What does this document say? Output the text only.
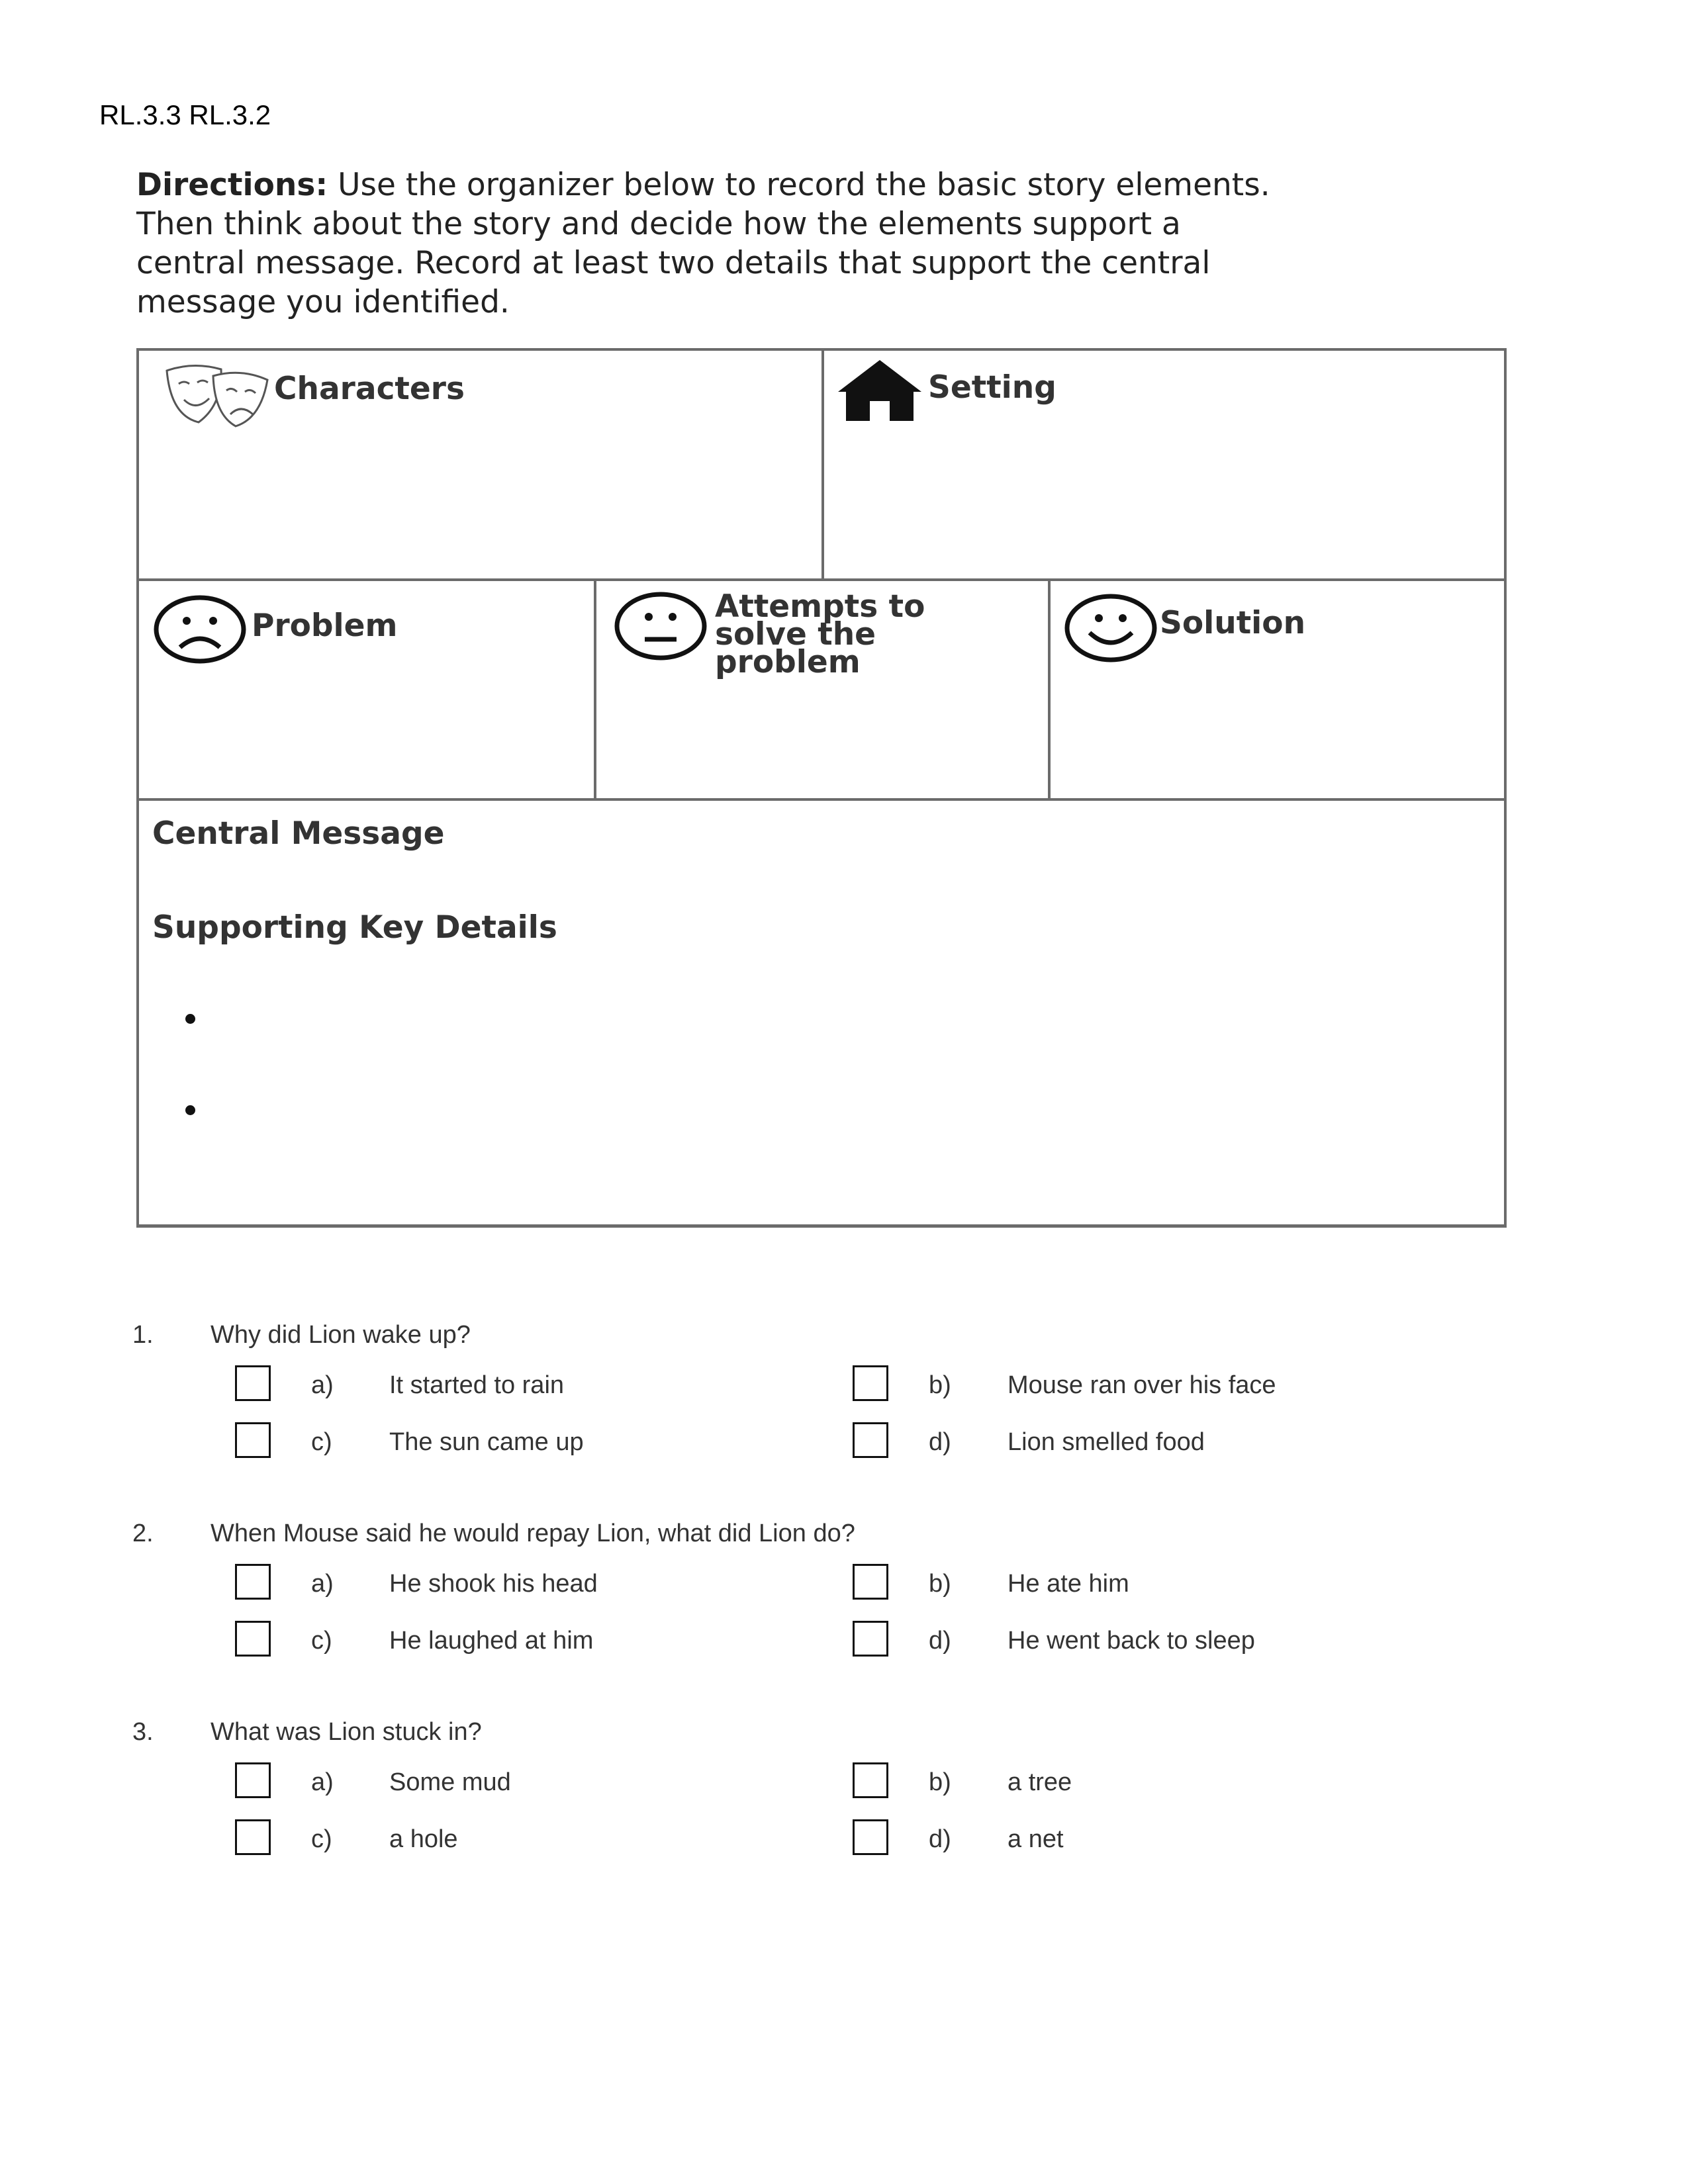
RL.3.3 RL.3.2
Directions: Use the organizer below to record the basic story elements.
Then think about the story and decide how the elements support a
central message. Record at least two details that support the central
message you identified.
Characters	Setting
Problem
Attempts to
solve the
problem
Solution
Central Message
Supporting Key Details
1. Why did Lion wake up?
a) It started to rain	b) Mouse ran over his face
c) The sun came up	d) Lion smelled food
2. When Mouse said he would repay Lion, what did Lion do?
a) He shook his head	b) He ate him
c) He laughed at him	d) He went back to sleep
3. What was Lion stuck in?
a) Some mud	b) a tree
c) a hole	d) a net
